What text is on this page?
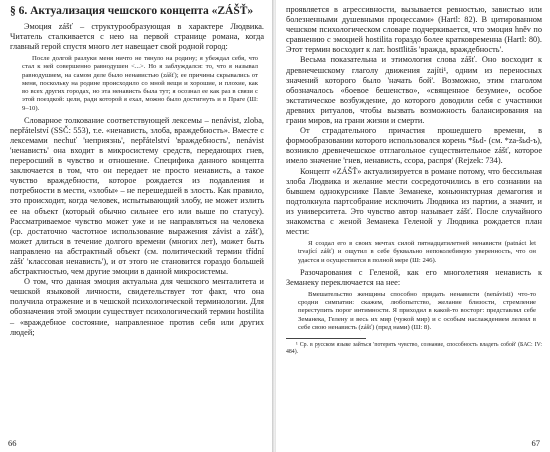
§ 6. Актуализация чешского концепта «ZÁŠŤ»

Эмоция zášť – структурообразующая в характере Людвика. Читатель сталкивается с нею на первой странице романа, когда главный герой спустя много лет навещает свой родной город:

После долгой разлуки меня ничто не тянуло на родину; я убеждал себя, что стал к ней совершенно равнодушен <...>. Но я заблуждался: то, что я называл равнодушием, на самом деле было ненавистью (zášť); ее причины скрывались от меня, поскольку на родине происходило со мной вещи и хорошие, и плохие, как во всех других городах, но эта ненависть была тут; я осознал ее как раз в связи с этой поездкой: цели, ради которой я ехал, можно было достигнуть и в Праге (Ш: 9–10).

Словарное толкование соответствующей лексемы – nenávist, zloba, nepřátelství (SSČ: 553), т.е. «ненависть, злоба, враждебность». Вместе с лексемами nechuť 'неприязнь', nepřátelství 'враждебность', nenávist 'ненависть' она входит в микросистему средств, передающих гнев, переросший в чувство и отношение. Специфика данного концепта заключается в том, что он передает не просто ненависть, а такое чувство враждебности, которое рождается из подавления и потребности в мести, «злобы» – не перешедшей в злость. Как правило, это происходит, когда человек, испытывающий злобу, не может излить ее на объект (который обычно сильнее его или выше по статусу). Рассматриваемое чувство может уже и не направляться на человека (ср. достаточно частотное использование выражения závist a zášť), может длиться в течение долгого времени (многих лет), может быть направлено на абстрактный объект (см. политический термин třídní zášť 'классовая ненависть'), и от этого не становится гораздо большей абстрактностью, чем другие эмоции в данной микросистемы.

О том, что данная эмоция актуальна для чешского менталитета и чешской языковой личности, свидетельствует тот факт, что она получила отражение и в чешской психологической терминологии. Для обозначения этой эмоции существует психологический термин hostilita – «враждебное состояние, направленное против себя или других людей;

66

проявляется в агрессивности, вызывается ревностью, завистью или болезненными душевными процессами» (Hartl: 82). В цитированном чешском психологическом словаре подчеркивается, что эмоция hněv по сравнению с эмоцией hostilita гораздо более кратковременна (Hartl: 80). Этот термин восходит к лат. hostīlitās 'вражда, враждебность'.

Весьма показательна и этимология слова zášť. Оно восходит к древнечешскому глаголу движения zajíti¹, одним из переносных значений которого было 'начать бой'. Возможно, этим глаголом обозначалось «боевое бешенство», «священное безумие», особое экстатическое возбуждение, до которого доводили себя с участники древних ритуалов, чтобы вызвать возможность балансирования на грани миров, на грани жизни и смерти.

От страдательного причастия прошедшего времени, в формообразовании которого использовался корень *šьd- (см. *za-šьd-ъ), возникло древнечешское отглагольное существительное zášť, которое имело значение 'гнев, ненависть, ссора, распря' (Rejzek: 734).

Концепт «ZÁŠŤ» актуализируется в романе потому, что бессильная злоба Людвика и желание мести сосредоточились в его сознании на бывшем однокурснике Павле Земанеке, коньюнктурная демагогия и подтолкнула партсобрание исключить Людвика из партии, а значит, и из университета. Это чувство автор называет zášť. После случайного знакомства с женой Земанека Геленой у Людвика рождается план мести:

Я создал его в своих мечтах силой пятнадцатилетней ненависти (patnáct let trvající zášť) и ощутил в себе буквально непоколебимую уверенность, что он удастся и осуществится в полной мере (Ш: 246).

Разочарования с Геленой, как его многолетняя ненависть к Земанеку переключается на нее:

Вмешательство женщины способно придать ненависти (nenávisti) что-то сродни симпатии: скажем, любопытство, желание близости, стремление переступить порог интимности. Я приходил в какой-то восторг: представлял себе Земанека, Гелену и весь их мир (чужой мир) и с особым наслаждением лелеял в себе свою ненависть (zášť) (пред нами) (Ш: 8).

¹ Ср. в русском языке зайться 'потерять чувство, сознание, способность владеть собой' (БАС: IV: 484).

67
